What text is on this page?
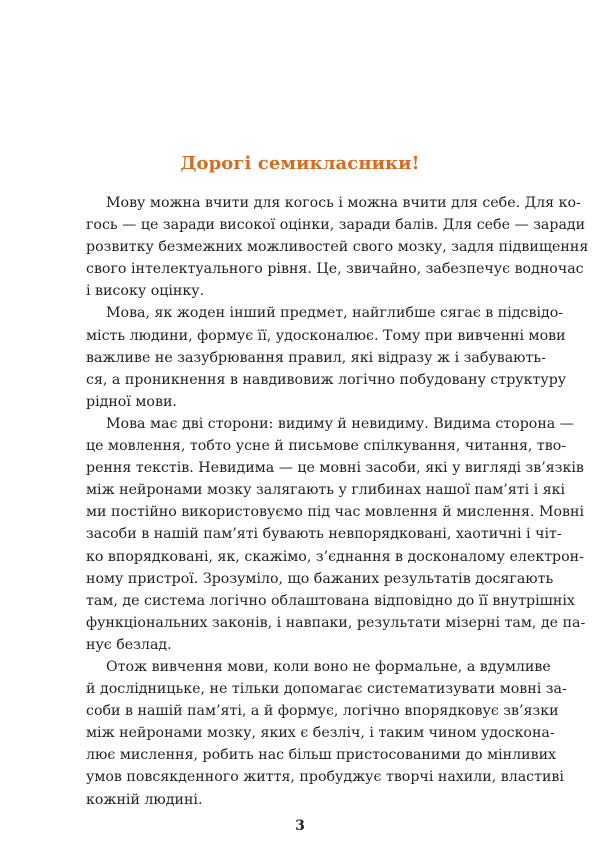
Дорогі семикласники!
Мову можна вчити для когось і можна вчити для себе. Для ко-
гось — це заради високої оцінки, заради балів. Для себе — заради
розвитку безмежних можливостей свого мозку, задля підвищення
свого інтелектуального рівня. Це, звичайно, забезпечує водночас
і високу оцінку.
Мова, як жоден інший предмет, найглибше сягає в підсвідо-
мість людини, формує її, удосконалює. Тому при вивченні мови
важливе не зазубрювання правил, які відразу ж і забувають-
ся, а проникнення в навдивовиж логічно побудовану структуру
рідної мови.
Мова має дві сторони: видиму й невидиму. Видима сторона —
це мовлення, тобто усне й письмове спілкування, читання, тво-
рення текстів. Невидима — це мовні засоби, які у вигляді зв’язків
між нейронами мозку залягають у глибинах нашої пам’яті і які
ми постійно використовуємо під час мовлення й мислення. Мовні
засоби в нашій пам’яті бувають невпорядковані, хаотичні і чіт-
ко впорядковані, як, скажімо, з’єднання в досконалому електрон-
ному пристрої. Зрозуміло, що бажаних результатів досягають
там, де система логічно облаштована відповідно до її внутрішніх
функціональних законів, і навпаки, результати мізерні там, де па-
нує безлад.
Отож вивчення мови, коли воно не формальне, а вдумливе
й дослідницьке, не тільки допомагає систематизувати мовні за-
соби в нашій пам’яті, а й формує, логічно впорядковує зв’язки
між нейронами мозку, яких є безліч, і таким чином удоскона-
лює мислення, робить нас більш пристосованими до мінливих
умов повсякденного життя, пробуджує творчі нахили, властиві
кожній людині.
3
